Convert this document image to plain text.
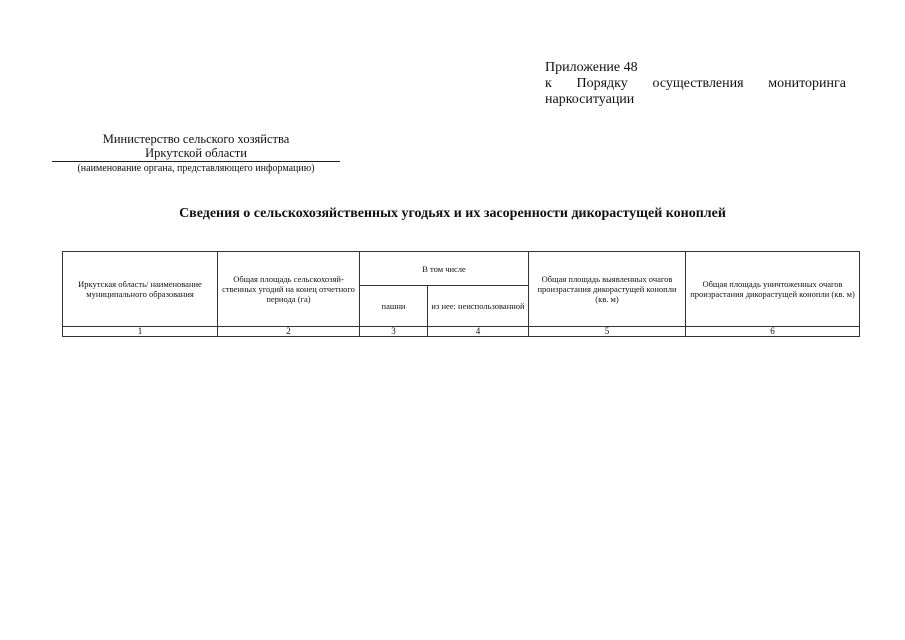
Приложение 48
к Порядку осуществления мониторинга
наркоситуации
Министерство сельского хозяйства
Иркутской области
(наименование органа, представляющего информацию)
Сведения о сельскохозяйственных угодьях и их засоренности дикорастущей коноплей
Иркутская область/ наименование муниципального образования	Общая площадь сельскохозяй-ственных угодий на конец отчетного периода (га)	В том числе		Общая площадь выявленных очагов произрастания дикорастущей конопли (кв. м)	Общая площадь уничтоженных очагов произрастания дикорастущей конопли (кв. м)
		пашни	из нее: неиспользованной		
1	2	3	4	5	6
